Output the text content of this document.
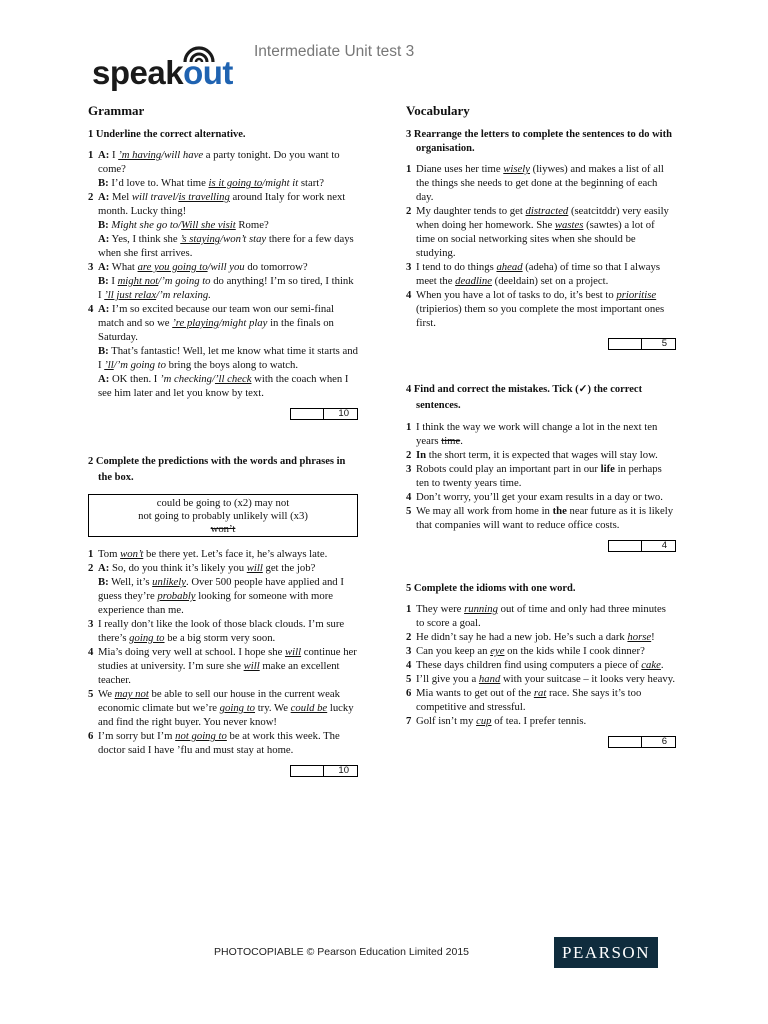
speakout
Intermediate Unit test 3
Grammar
1 Underline the correct alternative.
1 A: I ’m having/will have a party tonight. Do you want to come?
B: I’d love to. What time is it going to/might it start?
2 A: Mel will travel/is travelling around Italy for work next month. Lucky thing!
B: Might she go to/Will she visit Rome?
A: Yes, I think she ’s staying/won’t stay there for a few days when she first arrives.
3 A: What are you going to/will you do tomorrow?
B: I might not/’m going to do anything! I’m so tired, I think I ’ll just relax/’m relaxing.
4 A: I’m so excited because our team won our semi-final match and so we ’re playing/might play in the finals on Saturday.
B: That’s fantastic! Well, let me know what time it starts and I ’ll/’m going to bring the boys along to watch.
A: OK then. I ’m checking/’ll check with the coach when I see him later and let you know by text.
10
2 Complete the predictions with the words and phrases in the box.
could be going to (x2) may not
not going to probably unlikely will (x3)
won’t
1 Tom won’t be there yet. Let’s face it, he’s always late.
2 A: So, do you think it’s likely you will get the job?
B: Well, it’s unlikely. Over 500 people have applied and I guess they’re probably looking for someone with more experience than me.
3 I really don’t like the look of those black clouds. I’m sure there’s going to be a big storm very soon.
4 Mia’s doing very well at school. I hope she will continue her studies at university. I’m sure she will make an excellent teacher.
5 We may not be able to sell our house in the current weak economic climate but we’re going to try. We could be lucky and find the right buyer. You never know!
6 I’m sorry but I’m not going to be at work this week. The doctor said I have ’flu and must stay at home.
10
Vocabulary
3 Rearrange the letters to complete the sentences to do with organisation.
1 Diane uses her time wisely (liywes) and makes a list of all the things she needs to get done at the beginning of each day.
2 My daughter tends to get distracted (seatcitddr) very easily when doing her homework. She wastes (sawtes) a lot of time on social networking sites when she should be studying.
3 I tend to do things ahead (adeha) of time so that I always meet the deadline (deeldain) set on a project.
4 When you have a lot of tasks to do, it’s best to prioritise (tripierios) them so you complete the most important ones first.
5
4 Find and correct the mistakes. Tick (✓) the correct sentences.
1 I think the way we work will change a lot in the next ten years time.
2 In the short term, it is expected that wages will stay low.
3 Robots could play an important part in our life in perhaps ten to twenty years time.
4 Don’t worry, you’ll get your exam results in a day or two.
5 We may all work from home in the near future as it is likely that companies will want to reduce office costs.
4
5 Complete the idioms with one word.
1 They were running out of time and only had three minutes to score a goal.
2 He didn’t say he had a new job. He’s such a dark horse!
3 Can you keep an eye on the kids while I cook dinner?
4 These days children find using computers a piece of cake.
5 I’ll give you a hand with your suitcase – it looks very heavy.
6 Mia wants to get out of the rat race. She says it’s too competitive and stressful.
7 Golf isn’t my cup of tea. I prefer tennis.
6
PHOTOCOPIABLE © Pearson Education Limited 2015	PEARSON
